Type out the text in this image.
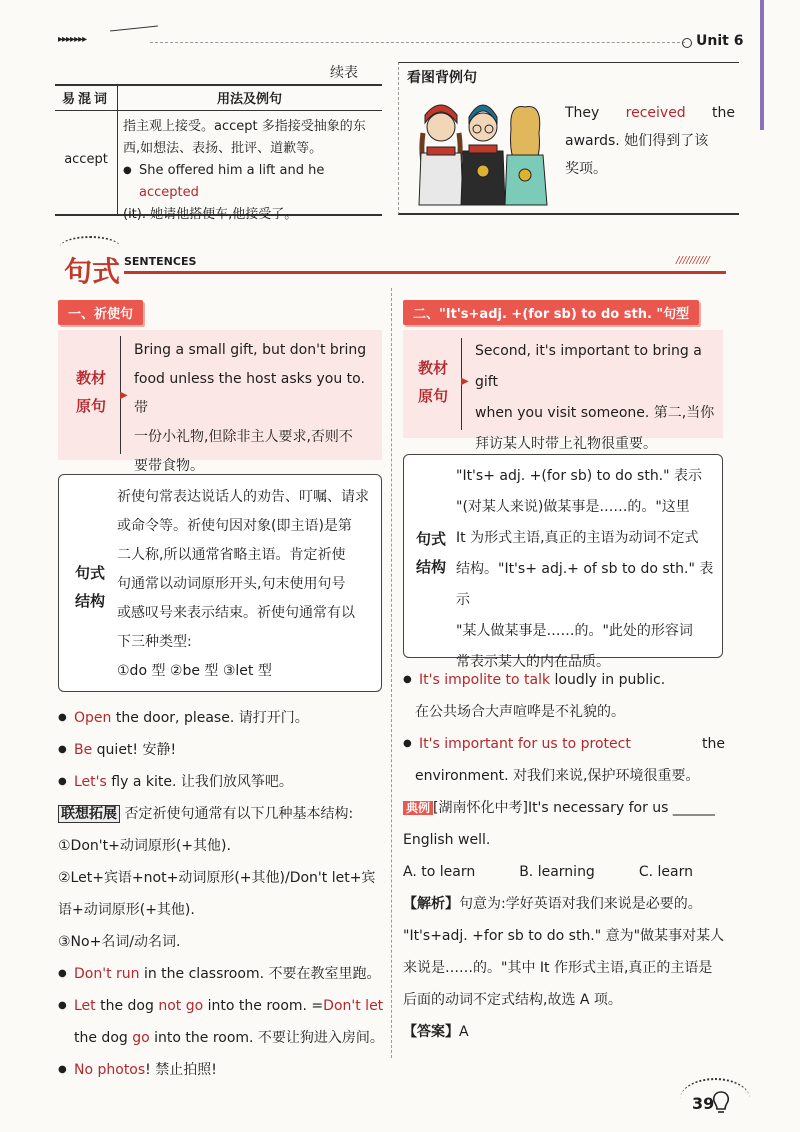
▸▸▸▸▸▸▸	Unit 6
续表
易混词	用法及例句
accept
指主观上接受。accept 多指接受抽象的东
西,如想法、表扬、批评、道歉等。
● She offered him a lift and he accepted
(it). 她请他搭便车,他接受了。
看图背例句
They received the
awards. 她们得到了该
奖项。
句式 SENTENCES	//////////
一、祈使句
教材
原句
▶
Bring a small gift, but don't bring
food unless the host asks you to. 带
一份小礼物,但除非主人要求,否则不
要带食物。
句式
结构
祈使句常表达说话人的劝告、叮嘱、请求
或命令等。祈使句因对象(即主语)是第
二人称,所以通常省略主语。肯定祈使
句通常以动词原形开头,句末使用句号
或感叹号来表示结束。祈使句通常有以
下三种类型:
①do 型 ②be 型 ③let 型
● Open the door, please. 请打开门。
● Be quiet! 安静!
● Let's fly a kite. 让我们放风筝吧。
联想拓展 否定祈使句通常有以下几种基本结构:
①Don't+动词原形(+其他).
②Let+宾语+not+动词原形(+其他)/Don't let+宾
语+动词原形(+其他).
③No+名词/动名词.
● Don't run in the classroom. 不要在教室里跑。
● Let the dog not go into the room. =Don't let
the dog go into the room. 不要让狗进入房间。
● No photos! 禁止拍照!
二、"It's+adj. +(for sb) to do sth. "句型
教材
原句
▶
Second, it's important to bring a gift
when you visit someone. 第二,当你
拜访某人时带上礼物很重要。
句式
结构
"It's+ adj. +(for sb) to do sth." 表示
"(对某人来说)做某事是……的。"这里
It 为形式主语,真正的主语为动词不定式
结构。"It's+ adj.+ of sb to do sth." 表示
"某人做某事是……的。"此处的形容词
常表示某人的内在品质。
● It's impolite to talk loudly in public.
在公共场合大声喧哗是不礼貌的。
● It's important for us to protect	the
environment. 对我们来说,保护环境很重要。
典例 [湖南怀化中考]It's necessary for us ______
English well.
A. to learn	B. learning	C. learn
【解析】句意为:学好英语对我们来说是必要的。
"It's+adj. +for sb to do sth." 意为"做某事对某人
来说是……的。"其中 It 作形式主语,真正的主语是
后面的动词不定式结构,故选 A 项。
【答案】A
39
